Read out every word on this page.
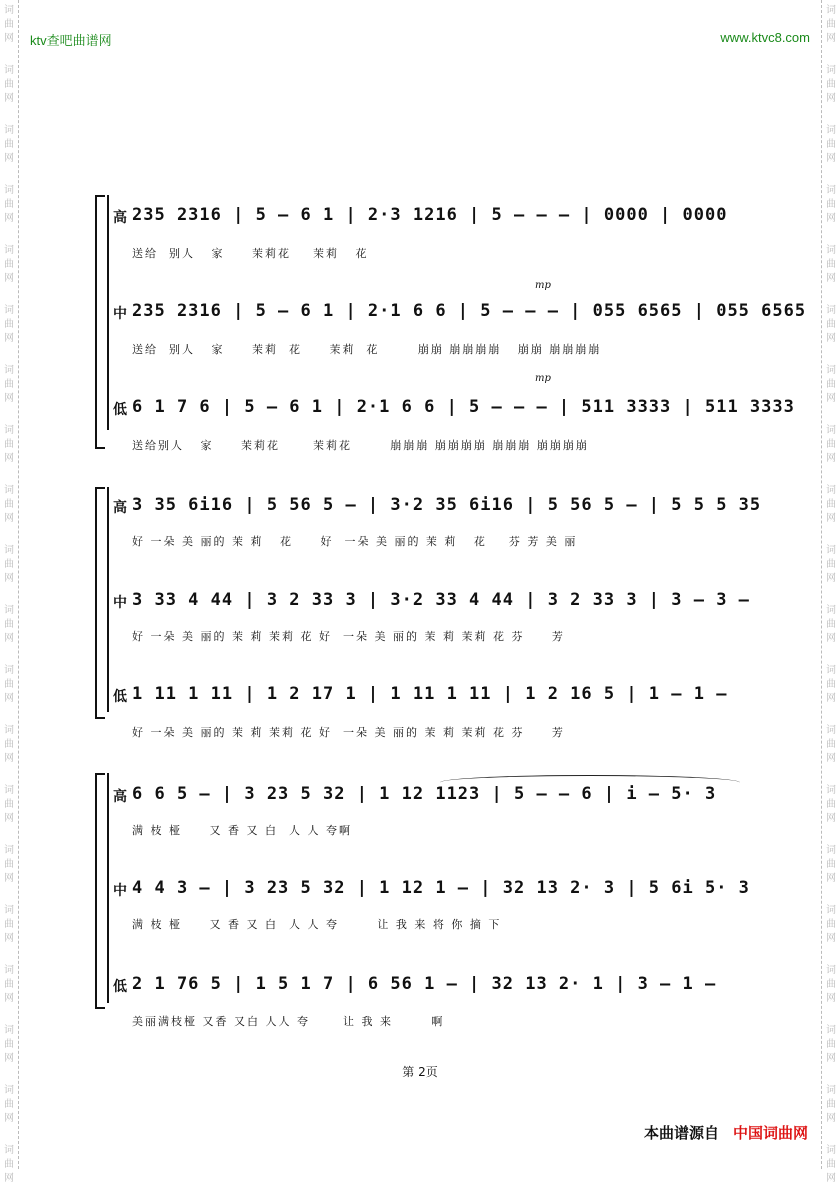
词
曲
网
词
曲
网
词
曲
网
词
曲
网
词
曲
网
词
曲
网
词
曲
网
词
曲
网
词
曲
网
词
曲
网
词
曲
网
词
曲
网
词
曲
网
词
曲
网
词
曲
网
词
曲
网
词
曲
网
词
曲
网
词
曲
网
词
曲
网
词
曲
网
词
曲
网
词
曲
网
词
曲
网
词
曲
网
词
曲
网
词
曲
网
词
曲
网
词
曲
网
词
曲
网
词
曲
网
词
曲
网
词
曲
网
词
曲
网
词
曲
网
词
曲
网
词
曲
网
词
曲
网
词
曲
网
词
曲
网
ktv查吧曲谱网	www.ktvc8.com
高 235 2316 | 5 – 6 1 | 2·3 1216 | 5 – – – | 0000 | 0000
送给  别人   家     茉莉花    茉莉   花
mp
中 235 2316 | 5 – 6 1 | 2·1 6 6 | 5 – – – | 055 6565 | 055 6565
送给  别人   家     茉莉  花     茉莉  花       崩崩 崩崩崩崩   崩崩 崩崩崩崩
mp
低 6 1 7 6 | 5 – 6 1 | 2·1 6 6 | 5 – – – | 511 3333 | 511 3333
送给别人   家     茉莉花      茉莉花       崩崩崩 崩崩崩崩 崩崩崩 崩崩崩崩
高 3 35 6i16 | 5 56 5 – | 3·2 35 6i16 | 5 56 5 – | 5 5 5 35
好 一朵 美 丽的 茉 莉   花     好  一朵 美 丽的 茉 莉   花    芬 芳 美 丽
中 3 33 4 44 | 3 2 33 3 | 3·2 33 4 44 | 3 2 33 3 | 3 – 3 –
好 一朵 美 丽的 茉 莉 茉莉 花 好  一朵 美 丽的 茉 莉 茉莉 花 芬     芳
低 1 11 1 11 | 1 2 17 1 | 1 11 1 11 | 1 2 16 5 | 1 – 1 –
好 一朵 美 丽的 茉 莉 茉莉 花 好  一朵 美 丽的 茉 莉 茉莉 花 芬     芳
高 6 6 5 – | 3 23 5 32 | 1 12 1123 | 5 – – 6 | i – 5· 3
满 枝 桠     又 香 又 白  人 人 夸啊
中 4 4 3 – | 3 23 5 32 | 1 12 1 – | 32 13 2· 3 | 5 6i 5· 3
满 枝 桠     又 香 又 白  人 人 夸       让 我 来 将 你 摘 下
低 2 1 76 5 | 1 5 1 7 | 6 56 1 – | 32 13 2· 1 | 3 – 1 –
美丽满枝桠 又香 又白 人人 夸      让 我 来       啊
第 2页
本曲谱源自 中国词曲网
